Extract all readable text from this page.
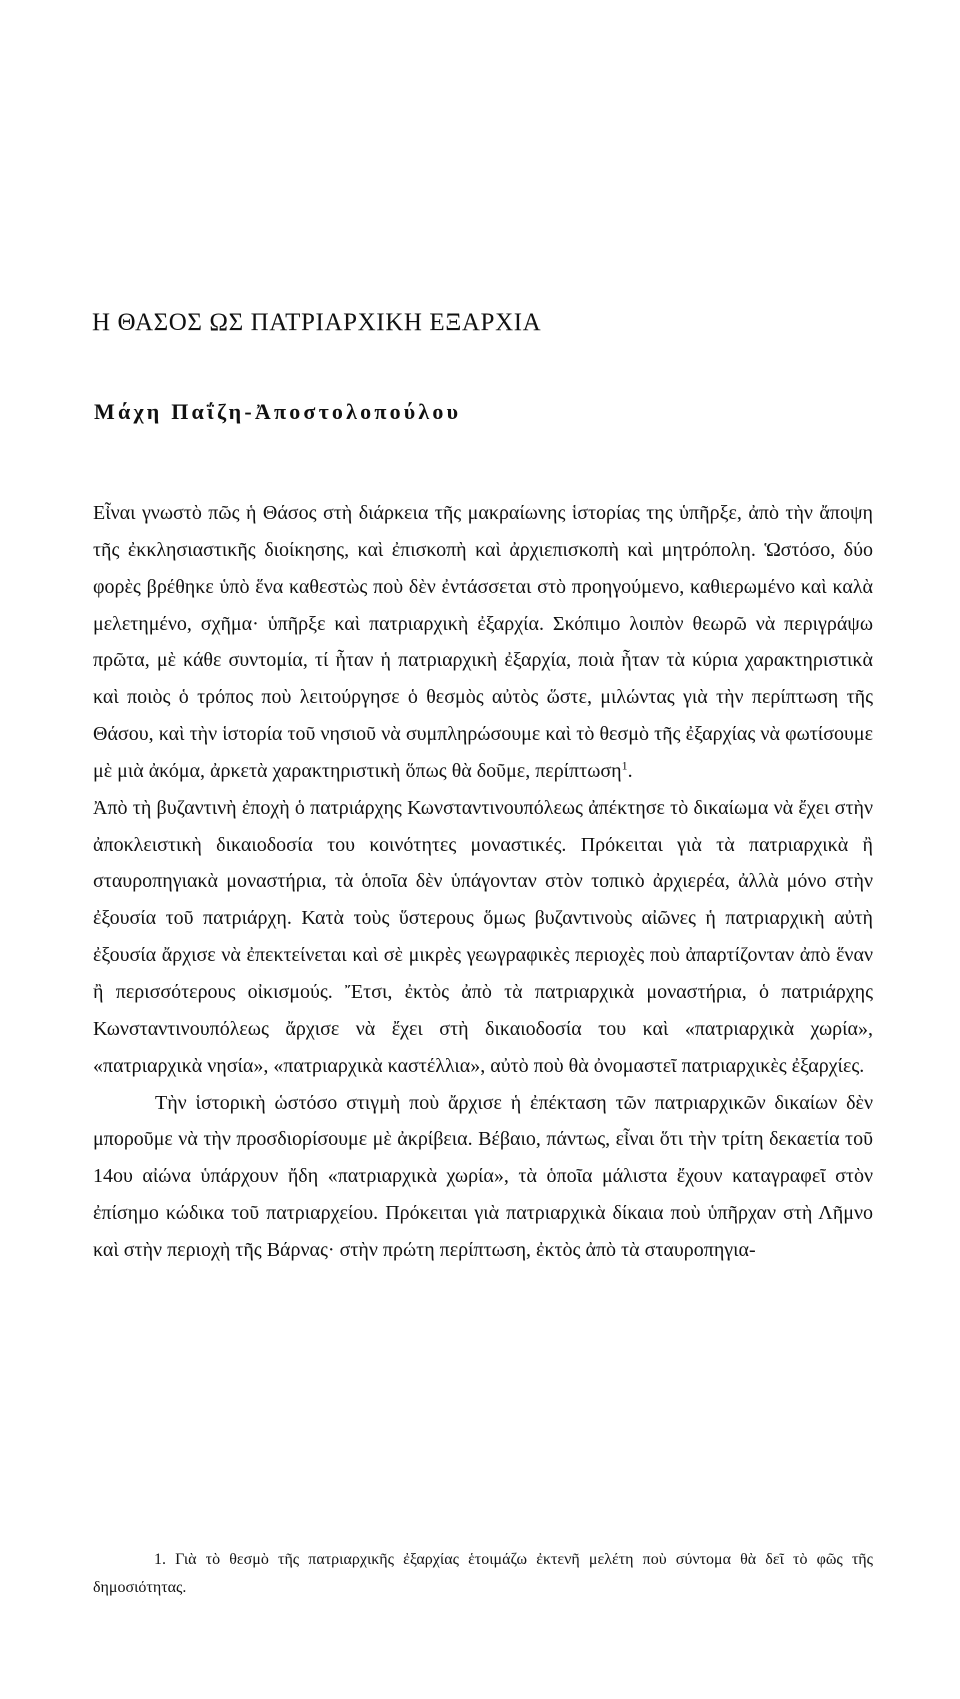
Η ΘΑΣΟΣ ΩΣ ΠΑΤΡΙΑΡΧΙΚΗ ΕΞΑΡΧΙΑ
Μάχη Παΐζη-Ἀποστολοπούλου

Εἶναι γνωστὸ πῶς ἡ Θάσος στὴ διάρκεια τῆς μακραίωνης ἱστορίας της ὑπῆρξε, ἀπὸ τὴν ἄποψη τῆς ἐκκλησιαστικῆς διοίκησης, καὶ ἐπισκοπὴ καὶ ἀρχιεπισκοπὴ καὶ μητρόπολη. Ὡστόσο, δύο φορὲς βρέθηκε ὑπὸ ἕνα καθεστὼς ποὺ δὲν ἐντάσσεται στὸ προηγούμενο, καθιερωμένο καὶ καλὰ μελετημένο, σχῆμα· ὑπῆρξε καὶ πατριαρχικὴ ἐξαρχία. Σκόπιμο λοιπὸν θεωρῶ νὰ περιγράψω πρῶτα, μὲ κάθε συντομία, τί ἦταν ἡ πατριαρχικὴ ἐξαρχία, ποιὰ ἦταν τὰ κύρια χαρακτηριστικὰ καὶ ποιὸς ὁ τρόπος ποὺ λειτούργησε ὁ θεσμὸς αὐτὸς ὥστε, μιλώντας γιὰ τὴν περίπτωση τῆς Θάσου, καὶ τὴν ἱστορία τοῦ νησιοῦ νὰ συμπληρώσουμε καὶ τὸ θεσμὸ τῆς ἐξαρχίας νὰ φωτίσουμε μὲ μιὰ ἀκόμα, ἀρκετὰ χαρακτηριστικὴ ὅπως θὰ δοῦμε, περίπτωση$^1$.

Ἀπὸ τὴ βυζαντινὴ ἐποχὴ ὁ πατριάρχης Κωνσταντινουπόλεως ἀπέκτησε τὸ δικαίωμα νὰ ἔχει στὴν ἀποκλειστικὴ δικαιοδοσία του κοινότητες μοναστικές. Πρόκειται γιὰ τὰ πατριαρχικὰ ἢ σταυροπηγιακὰ μοναστήρια, τὰ ὁποῖα δὲν ὑπάγονταν στὸν τοπικὸ ἀρχιερέα, ἀλλὰ μόνο στὴν ἐξουσία τοῦ πατριάρχη. Κατὰ τοὺς ὕστερους ὅμως βυζαντινοὺς αἰῶνες ἡ πατριαρχικὴ αὐτὴ ἐξουσία ἄρχισε νὰ ἐπεκτείνεται καὶ σὲ μικρὲς γεωγραφικὲς περιοχὲς ποὺ ἀπαρτίζονταν ἀπὸ ἕναν ἢ περισσότερους οἰκισμούς. Ἔτσι, ἐκτὸς ἀπὸ τὰ πατριαρχικὰ μοναστήρια, ὁ πατριάρχης Κωνσταντινουπόλεως ἄρχισε νὰ ἔχει στὴ δικαιοδοσία του καὶ «πατριαρχικὰ χωρία», «πατριαρχικὰ νησία», «πατριαρχικὰ καστέλλια», αὐτὸ ποὺ θὰ ὀνομαστεῖ πατριαρχικὲς ἐξαρχίες.

Τὴν ἱστορικὴ ὡστόσο στιγμὴ ποὺ ἄρχισε ἡ ἐπέκταση τῶν πατριαρχικῶν δικαίων δὲν μποροῦμε νὰ τὴν προσδιορίσουμε μὲ ἀκρίβεια. Βέβαιο, πάντως, εἶναι ὅτι τὴν τρίτη δεκαετία τοῦ 14ου αἰώνα ὑπάρχουν ἤδη «πατριαρχικὰ χωρία», τὰ ὁποῖα μάλιστα ἔχουν καταγραφεῖ στὸν ἐπίσημο κώδικα τοῦ πατριαρχείου. Πρόκειται γιὰ πατριαρχικὰ δίκαια ποὺ ὑπῆρχαν στὴ Λῆμνο καὶ στὴν περιοχὴ τῆς Βάρνας· στὴν πρώτη περίπτωση, ἐκτὸς ἀπὸ τὰ σταυροπηγια-

1. Γιὰ τὸ θεσμὸ τῆς πατριαρχικῆς ἐξαρχίας ἑτοιμάζω ἐκτενῆ μελέτη ποὺ σύντομα θὰ δεῖ τὸ φῶς τῆς δημοσιότητας.
